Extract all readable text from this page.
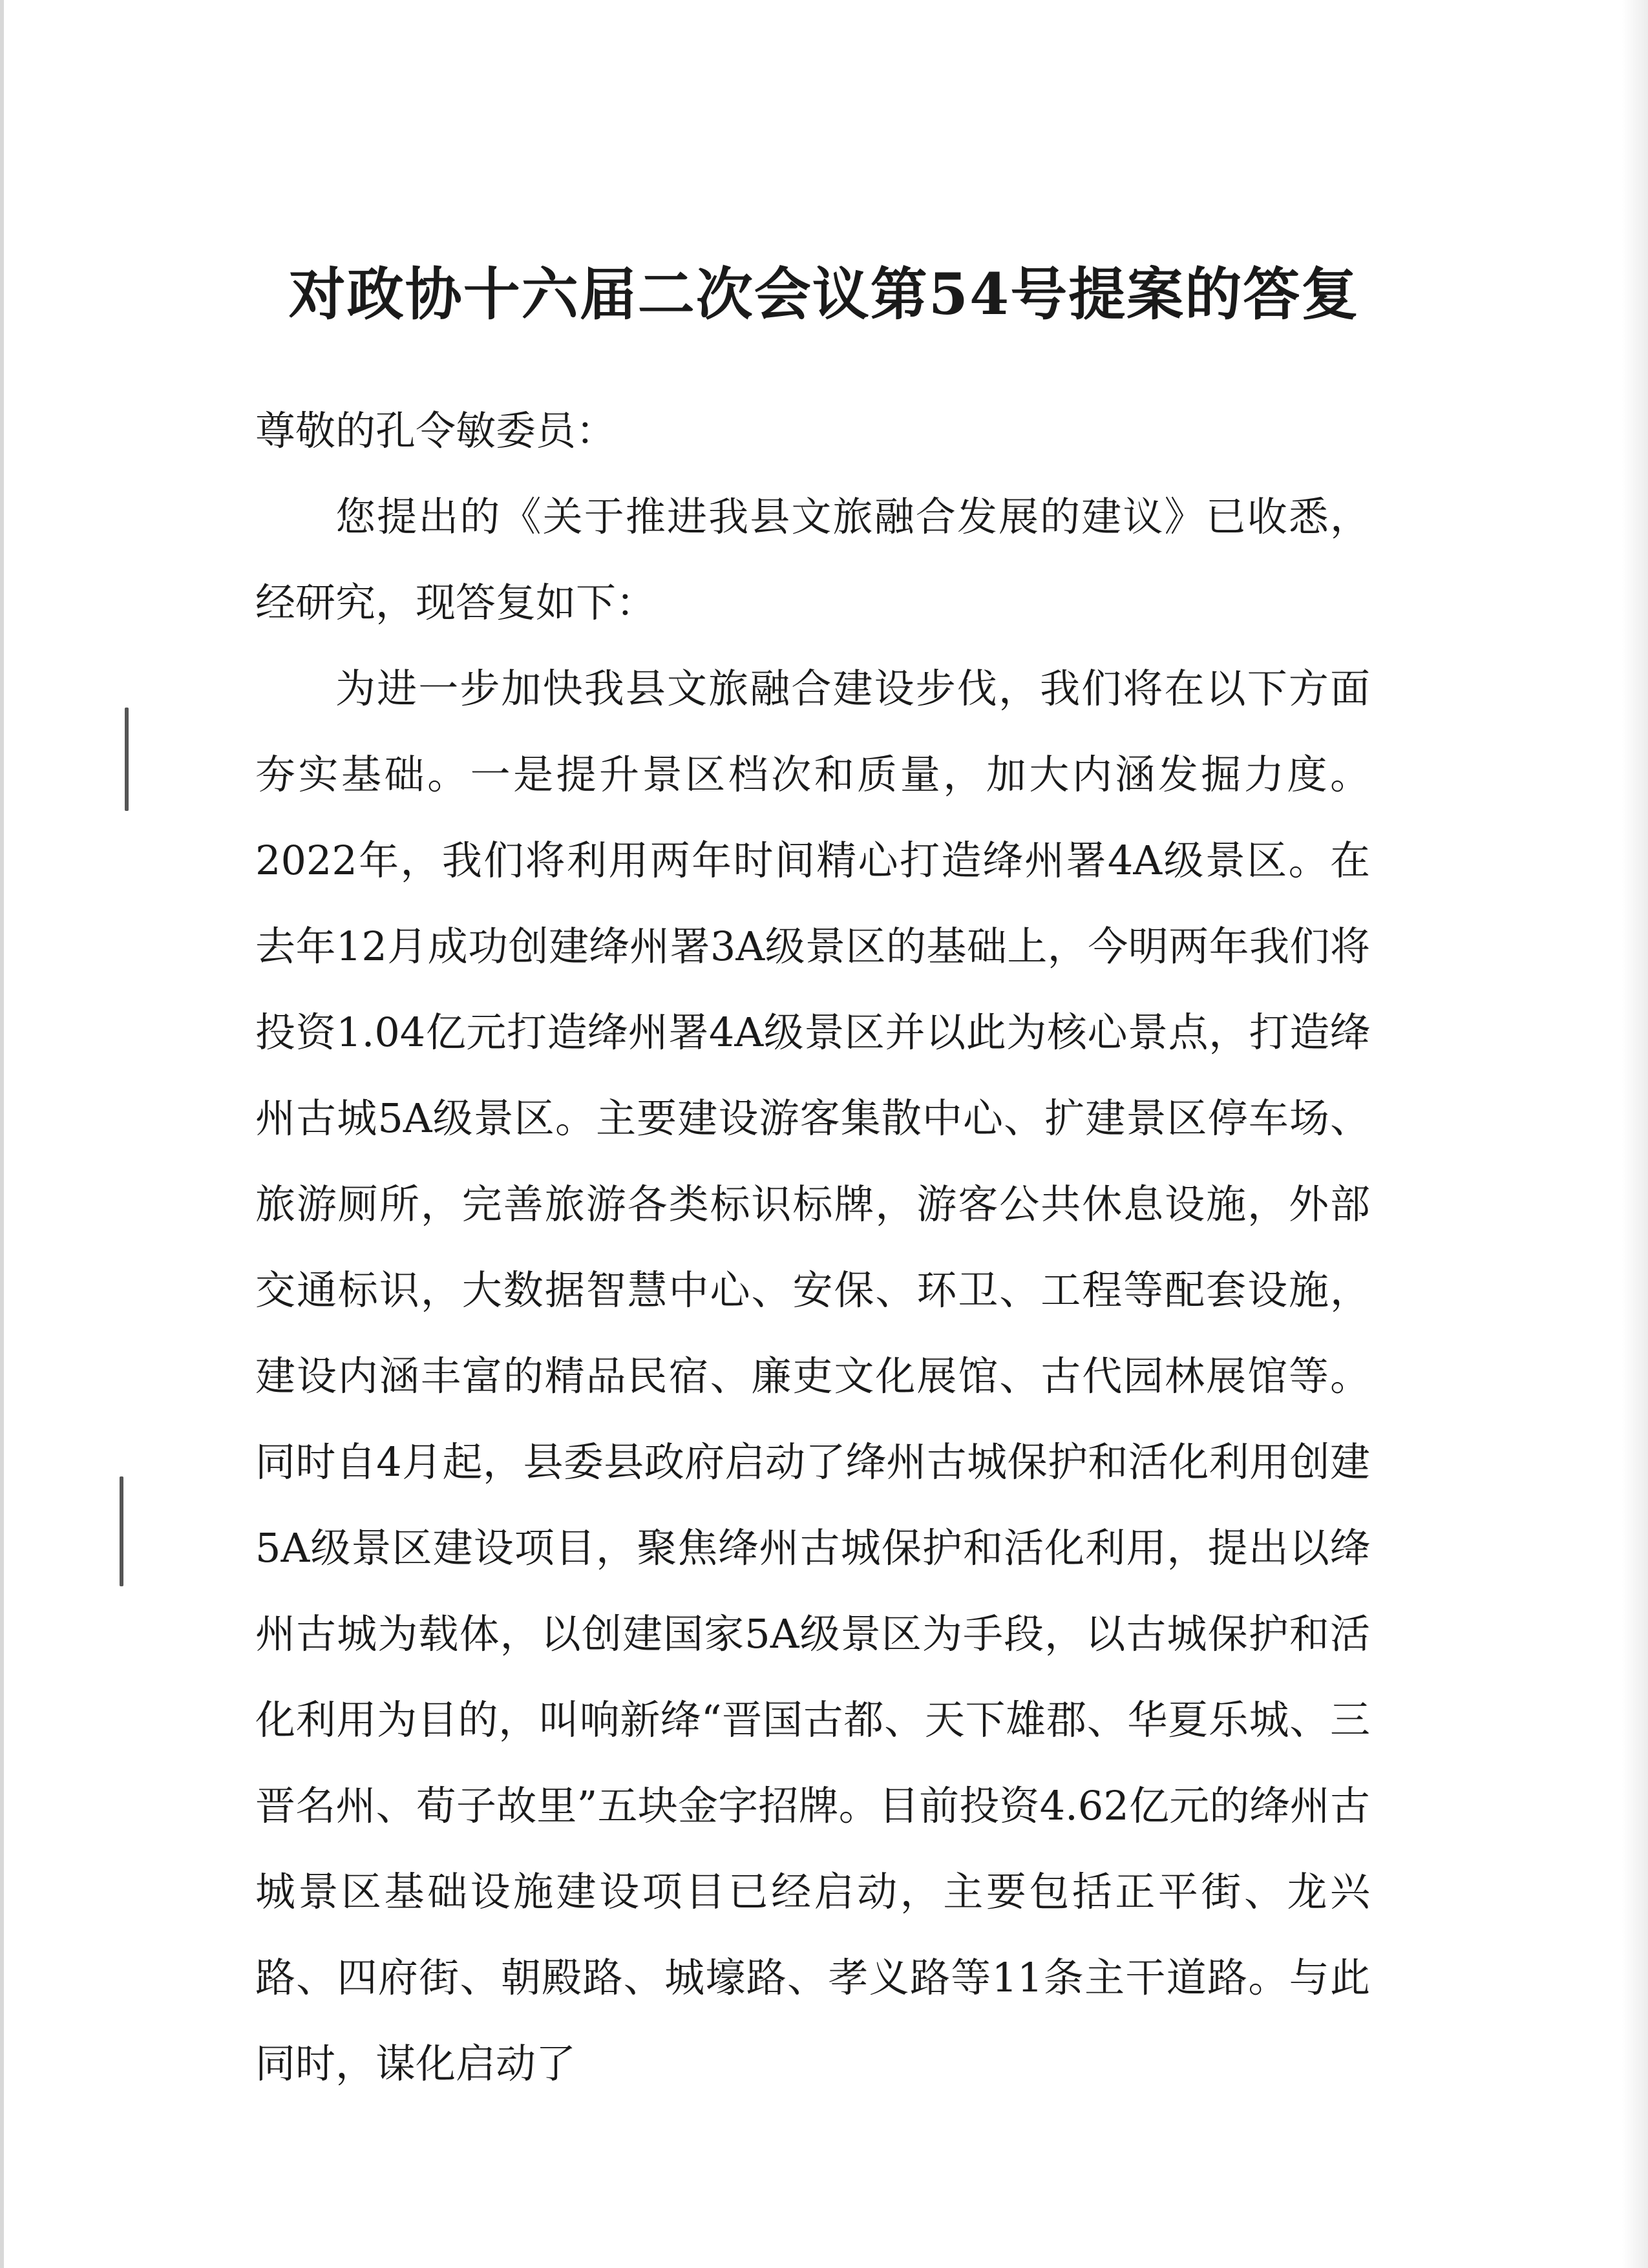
对政协十六届二次会议第54号提案的答复

尊敬的孔令敏委员：

您提出的《关于推进我县文旅融合发展的建议》已收悉，经研究，现答复如下：

为进一步加快我县文旅融合建设步伐，我们将在以下方面夯实基础。一是提升景区档次和质量，加大内涵发掘力度。2022年，我们将利用两年时间精心打造绛州署4A级景区。在去年12月成功创建绛州署3A级景区的基础上，今明两年我们将投资1.04亿元打造绛州署4A级景区并以此为核心景点，打造绛州古城5A级景区。主要建设游客集散中心、扩建景区停车场、旅游厕所，完善旅游各类标识标牌，游客公共休息设施，外部交通标识，大数据智慧中心、安保、环卫、工程等配套设施，建设内涵丰富的精品民宿、廉吏文化展馆、古代园林展馆等。同时自4月起，县委县政府启动了绛州古城保护和活化利用创建5A级景区建设项目，聚焦绛州古城保护和活化利用，提出以绛州古城为载体，以创建国家5A级景区为手段，以古城保护和活化利用为目的，叫响新绛“晋国古都、天下雄郡、华夏乐城、三晋名州、荀子故里”五块金字招牌。目前投资4.62亿元的绛州古城景区基础设施建设项目已经启动，主要包括正平街、龙兴路、四府街、朝殿路、城壕路、孝义路等11条主干道路。与此同时，谋化启动了
